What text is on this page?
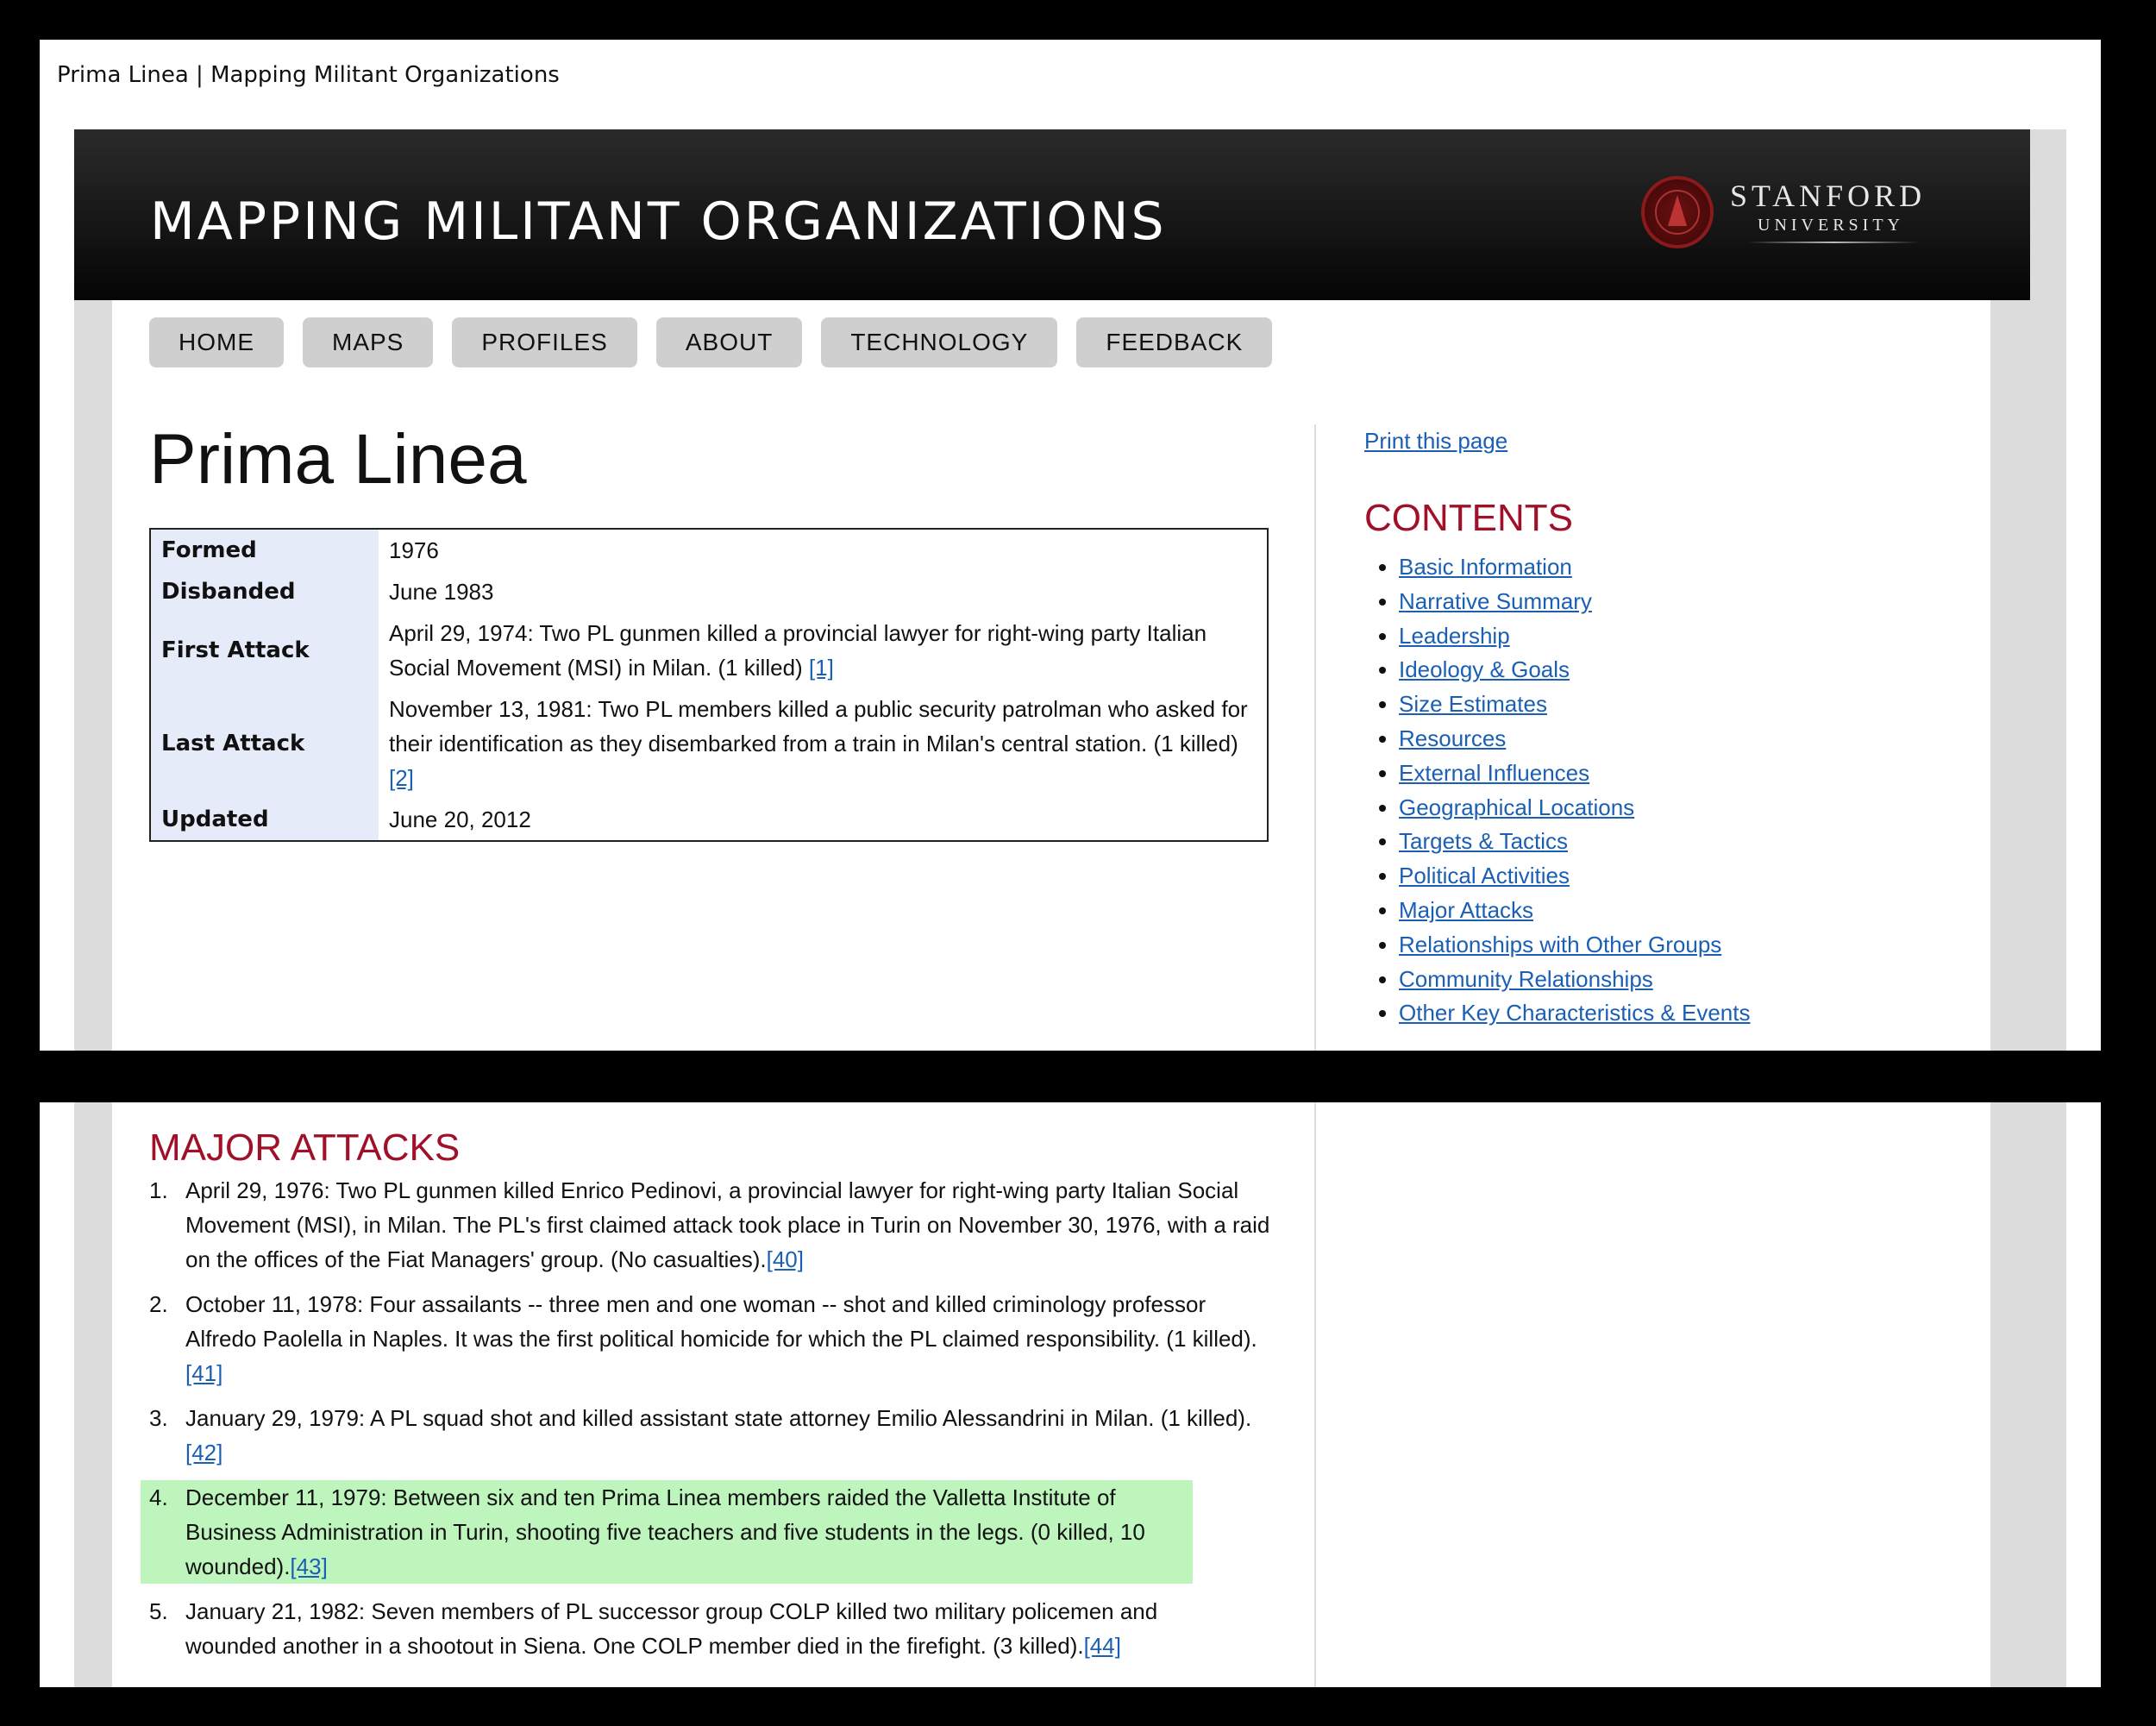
Prima Linea | Mapping Militant Organizations
MAPPING MILITANT ORGANIZATIONS	STANFORD
UNIVERSITY
HOME	MAPS	PROFILES	ABOUT	TECHNOLOGY	FEEDBACK
Prima Linea
Formed	1976
Disbanded	June 1983
First Attack	April 29, 1974: Two PL gunmen killed a provincial lawyer for right-wing party Italian Social Movement (MSI) in Milan. (1 killed) [1]
Last Attack	November 13, 1981: Two PL members killed a public security patrolman who asked for their identification as they disembarked from a train in Milan's central station. (1 killed) [2]
Updated	June 20, 2012
Print this page
CONTENTS
• Basic Information
• Narrative Summary
• Leadership
• Ideology & Goals
• Size Estimates
• Resources
• External Influences
• Geographical Locations
• Targets & Tactics
• Political Activities
• Major Attacks
• Relationships with Other Groups
• Community Relationships
• Other Key Characteristics & Events
MAJOR ATTACKS
1. April 29, 1976: Two PL gunmen killed Enrico Pedinovi, a provincial lawyer for right-wing party Italian Social Movement (MSI), in Milan. The PL's first claimed attack took place in Turin on November 30, 1976, with a raid on the offices of the Fiat Managers' group. (No casualties).[40]
2. October 11, 1978: Four assailants -- three men and one woman -- shot and killed criminology professor Alfredo Paolella in Naples. It was the first political homicide for which the PL claimed responsibility. (1 killed).[41]
3. January 29, 1979: A PL squad shot and killed assistant state attorney Emilio Alessandrini in Milan. (1 killed).[42]
4. December 11, 1979: Between six and ten Prima Linea members raided the Valletta Institute of Business Administration in Turin, shooting five teachers and five students in the legs. (0 killed, 10 wounded).[43]
5. January 21, 1982: Seven members of PL successor group COLP killed two military policemen and wounded another in a shootout in Siena. One COLP member died in the firefight. (3 killed).[44]
